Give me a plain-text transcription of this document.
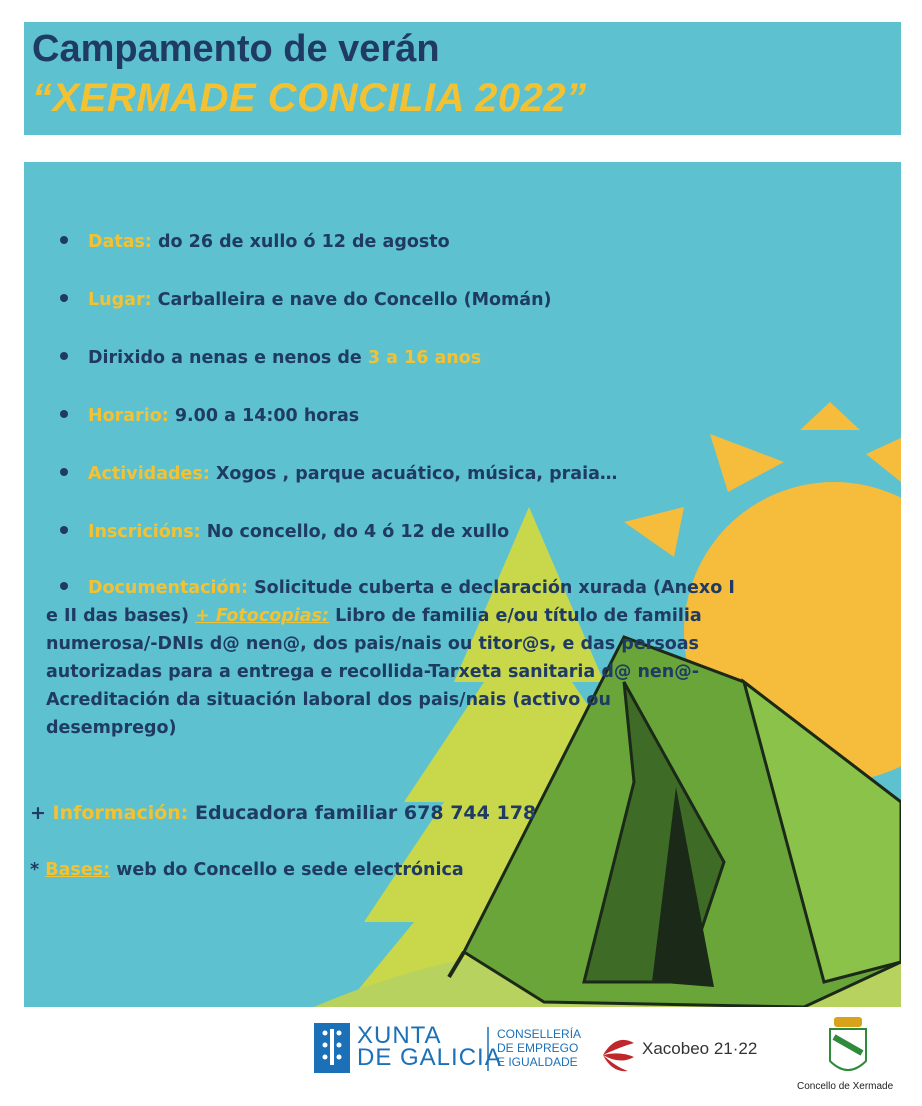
Campamento de verán
“XERMADE CONCILIA 2022”
Datas: do 26 de xullo ó 12 de agosto
Lugar: Carballeira e nave do Concello (Momán)
Dirixido a nenas e nenos de 3 a 16 anos
Horario: 9.00 a 14:00 horas
Actividades: Xogos , parque acuático, música, praia…
Inscricións: No concello, do 4 ó 12 de xullo
Documentación: Solicitude cuberta e declaración xurada (Anexo I e II das bases) + Fotocopias: Libro de familia e/ou título de familia numerosa/-DNIs d@ nen@, dos pais/nais ou titor@s, e das persoas autorizadas para a entrega e recollida-Tarxeta sanitaria d@ nen@-Acreditación da situación laboral dos pais/nais (activo ou desemprego)
+ Información: Educadora familiar 678 744 178
* Bases: web do Concello e sede electrónica
XUNTA
DE GALICIA
CONSELLERÍA
DE EMPREGO
E IGUALDADE
Xacobeo 21·22
Concello de Xermade
